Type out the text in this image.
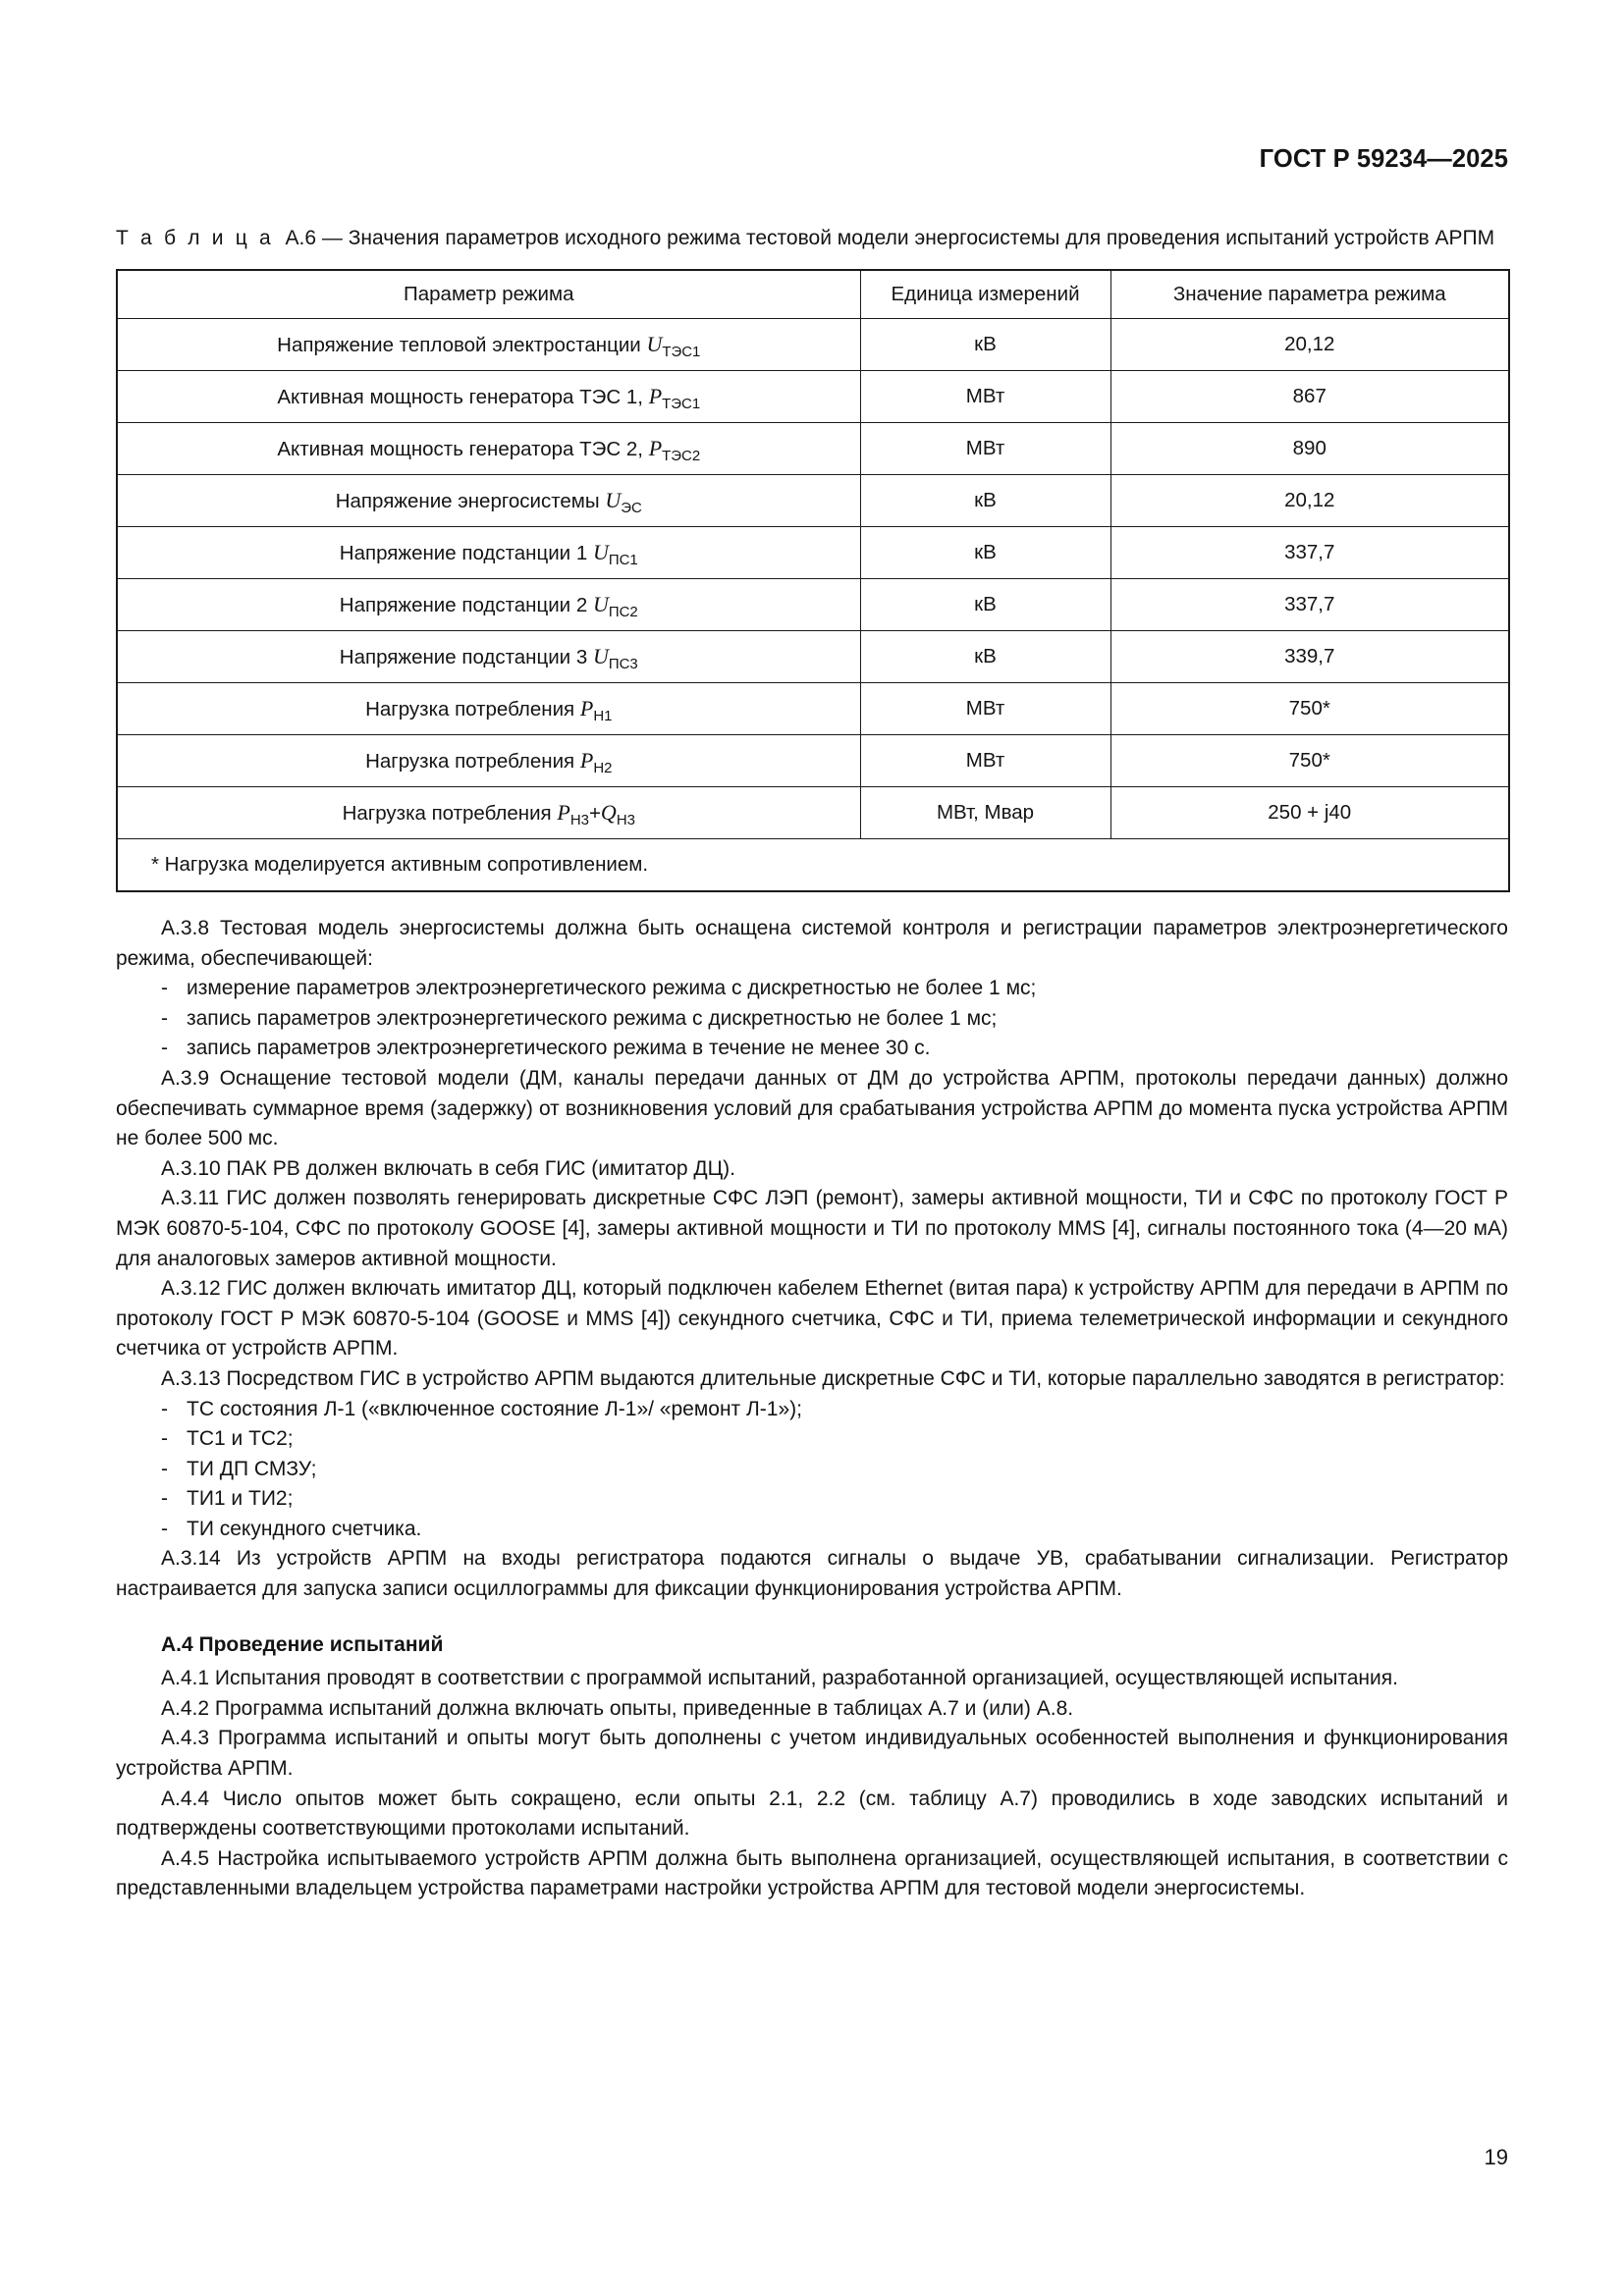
ГОСТ Р 59234—2025

Т а б л и ц а А.6 — Значения параметров исходного режима тестовой модели энергосистемы для проведения испытаний устройств АРПМ

Параметр режима	Единица измерений	Значение параметра режима
Напряжение тепловой электростанции $U_{ТЭС1}$	кВ	20,12
Активная мощность генератора ТЭС 1, $P_{ТЭС1}$	МВт	867
Активная мощность генератора ТЭС 2, $P_{ТЭС2}$	МВт	890
Напряжение энергосистемы $U_{ЭС}$	кВ	20,12
Напряжение подстанции 1 $U_{ПС1}$	кВ	337,7
Напряжение подстанции 2 $U_{ПС2}$	кВ	337,7
Напряжение подстанции 3 $U_{ПС3}$	кВ	339,7
Нагрузка потребления $P_{Н1}$	МВт	750*
Нагрузка потребления $P_{Н2}$	МВт	750*
Нагрузка потребления $P_{Н3}+Q_{Н3}$	МВт, Мвар	250 + j40
* Нагрузка моделируется активным сопротивлением.		

А.3.8 Тестовая модель энергосистемы должна быть оснащена системой контроля и регистрации параметров электроэнергетического режима, обеспечивающей:

- измерение параметров электроэнергетического режима с дискретностью не более 1 мс;
- запись параметров электроэнергетического режима с дискретностью не более 1 мс;
- запись параметров электроэнергетического режима в течение не менее 30 с.

А.3.9 Оснащение тестовой модели (ДМ, каналы передачи данных от ДМ до устройства АРПМ, протоколы передачи данных) должно обеспечивать суммарное время (задержку) от возникновения условий для срабатывания устройства АРПМ до момента пуска устройства АРПМ не более 500 мс.

А.3.10 ПАК РВ должен включать в себя ГИС (имитатор ДЦ).

А.3.11 ГИС должен позволять генерировать дискретные СФС ЛЭП (ремонт), замеры активной мощности, ТИ и СФС по протоколу ГОСТ Р МЭК 60870-5-104, СФС по протоколу GOOSE [4], замеры активной мощности и ТИ по протоколу MMS [4], сигналы постоянного тока (4—20 мА) для аналоговых замеров активной мощности.

А.3.12 ГИС должен включать имитатор ДЦ, который подключен кабелем Ethernet (витая пара) к устройству АРПМ для передачи в АРПМ по протоколу ГОСТ Р МЭК 60870-5-104 (GOOSE и MMS [4]) секундного счетчика, СФС и ТИ, приема телеметрической информации и секундного счетчика от устройств АРПМ.

А.3.13 Посредством ГИС в устройство АРПМ выдаются длительные дискретные СФС и ТИ, которые параллельно заводятся в регистратор:

- ТС состояния Л-1 («включенное состояние Л-1»/ «ремонт Л-1»);
- ТС1 и ТС2;
- ТИ ДП СМЗУ;
- ТИ1 и ТИ2;
- ТИ секундного счетчика.

А.3.14 Из устройств АРПМ на входы регистратора подаются сигналы о выдаче УВ, срабатывании сигнализации. Регистратор настраивается для запуска записи осциллограммы для фиксации функционирования устройства АРПМ.

А.4 Проведение испытаний

А.4.1 Испытания проводят в соответствии с программой испытаний, разработанной организацией, осуществляющей испытания.

А.4.2 Программа испытаний должна включать опыты, приведенные в таблицах А.7 и (или) А.8.

А.4.3 Программа испытаний и опыты могут быть дополнены с учетом индивидуальных особенностей выполнения и функционирования устройства АРПМ.

А.4.4 Число опытов может быть сокращено, если опыты 2.1, 2.2 (см. таблицу А.7) проводились в ходе заводских испытаний и подтверждены соответствующими протоколами испытаний.

А.4.5 Настройка испытываемого устройств АРПМ должна быть выполнена организацией, осуществляющей испытания, в соответствии с представленными владельцем устройства параметрами настройки устройства АРПМ для тестовой модели энергосистемы.

19
